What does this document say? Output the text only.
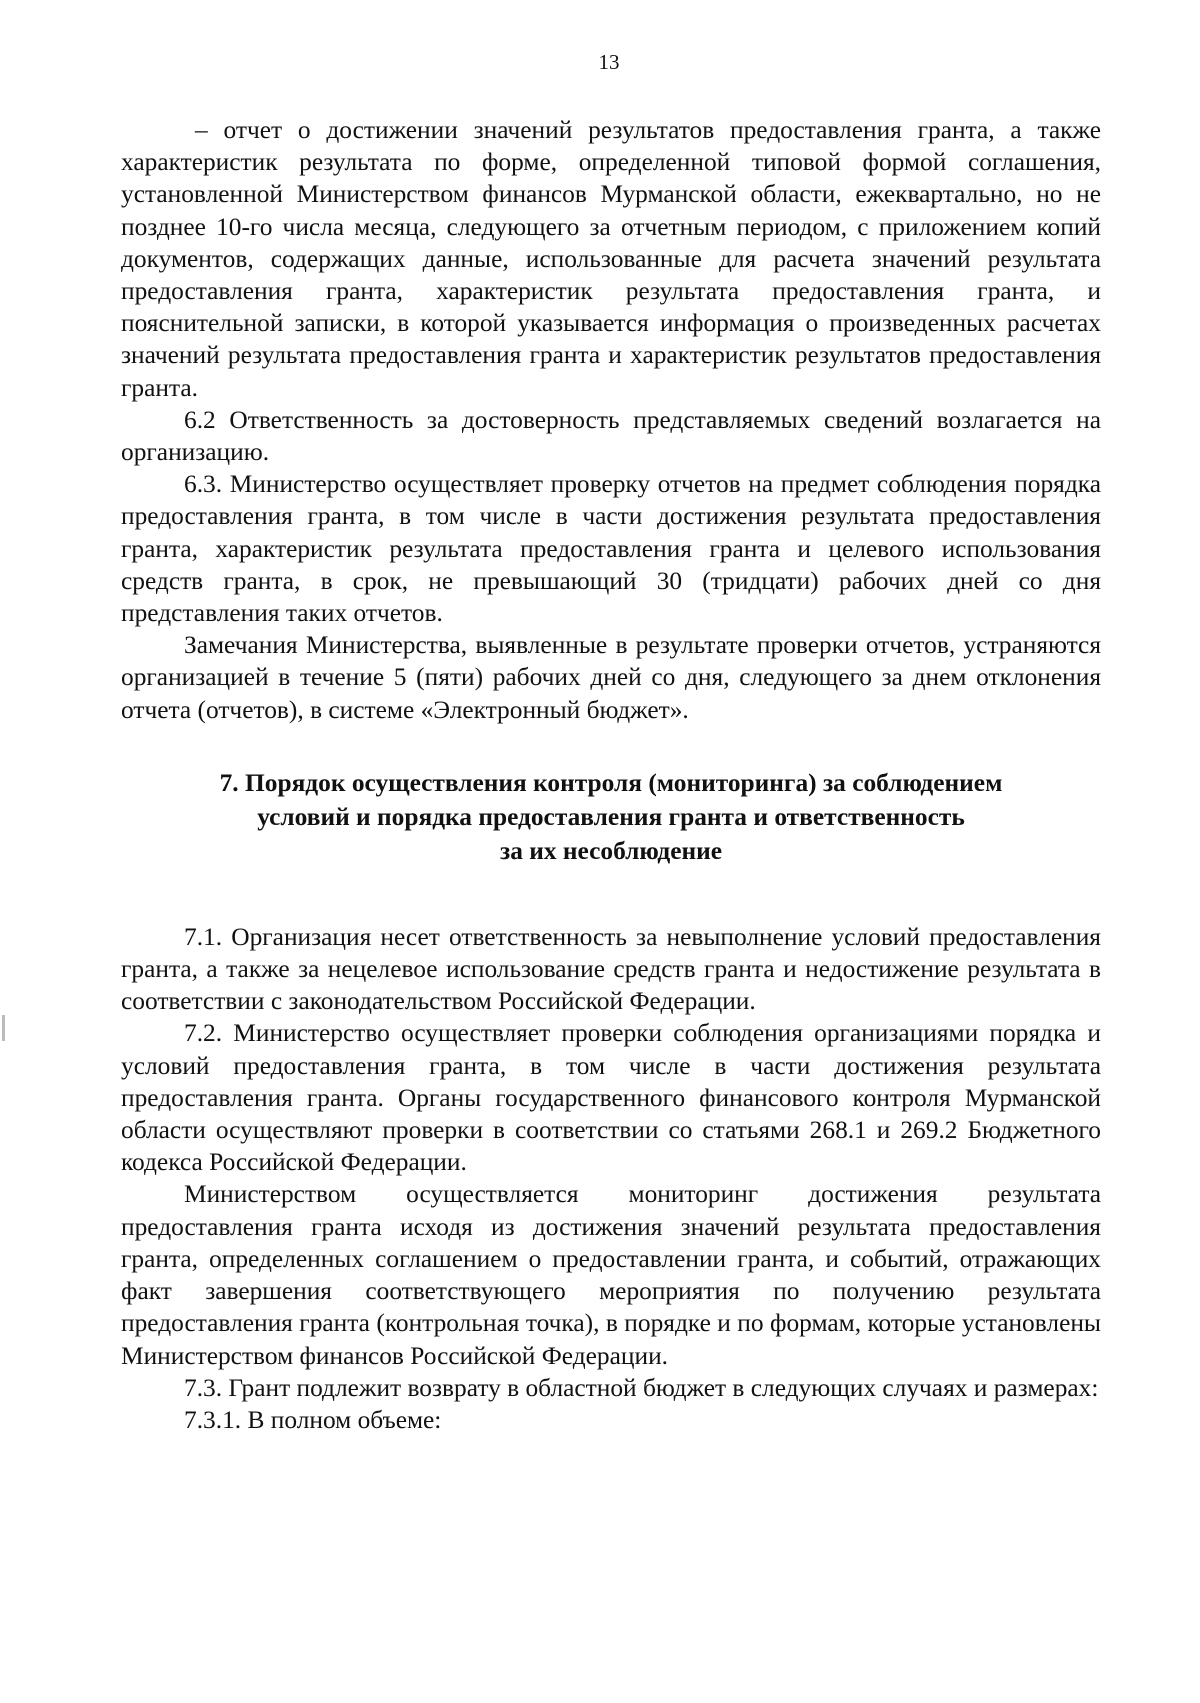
13

– отчет о достижении значений результатов предоставления гранта, а также характеристик результата по форме, определенной типовой формой соглашения, установленной Министерством финансов Мурманской области, ежеквартально, но не позднее 10-го числа месяца, следующего за отчетным периодом, с приложением копий документов, содержащих данные, использованные для расчета значений результата предоставления гранта, характеристик результата предоставления гранта, и пояснительной записки, в которой указывается информация о произведенных расчетах значений результата предоставления гранта и характеристик результатов предоставления гранта.

6.2 Ответственность за достоверность представляемых сведений возлагается на организацию.

6.3. Министерство осуществляет проверку отчетов на предмет соблюдения порядка предоставления гранта, в том числе в части достижения результата предоставления гранта, характеристик результата предоставления гранта и целевого использования средств гранта, в срок, не превышающий 30 (тридцати) рабочих дней со дня представления таких отчетов.

Замечания Министерства, выявленные в результате проверки отчетов, устраняются организацией в течение 5 (пяти) рабочих дней со дня, следующего за днем отклонения отчета (отчетов), в системе «Электронный бюджет».

7. Порядок осуществления контроля (мониторинга) за соблюдением
условий и порядка предоставления гранта и ответственность
за их несоблюдение

7.1. Организация несет ответственность за невыполнение условий предоставления гранта, а также за нецелевое использование средств гранта и недостижение результата в соответствии с законодательством Российской Федерации.

7.2. Министерство осуществляет проверки соблюдения организациями порядка и условий предоставления гранта, в том числе в части достижения результата предоставления гранта. Органы государственного финансового контроля Мурманской области осуществляют проверки в соответствии со статьями 268.1 и 269.2 Бюджетного кодекса Российской Федерации.

Министерством осуществляется мониторинг достижения результата предоставления гранта исходя из достижения значений результата предоставления гранта, определенных соглашением о предоставлении гранта, и событий, отражающих факт завершения соответствующего мероприятия по получению результата предоставления гранта (контрольная точка), в порядке и по формам, которые установлены Министерством финансов Российской Федерации.

7.3. Грант подлежит возврату в областной бюджет в следующих случаях и размерах:

7.3.1. В полном объеме:
